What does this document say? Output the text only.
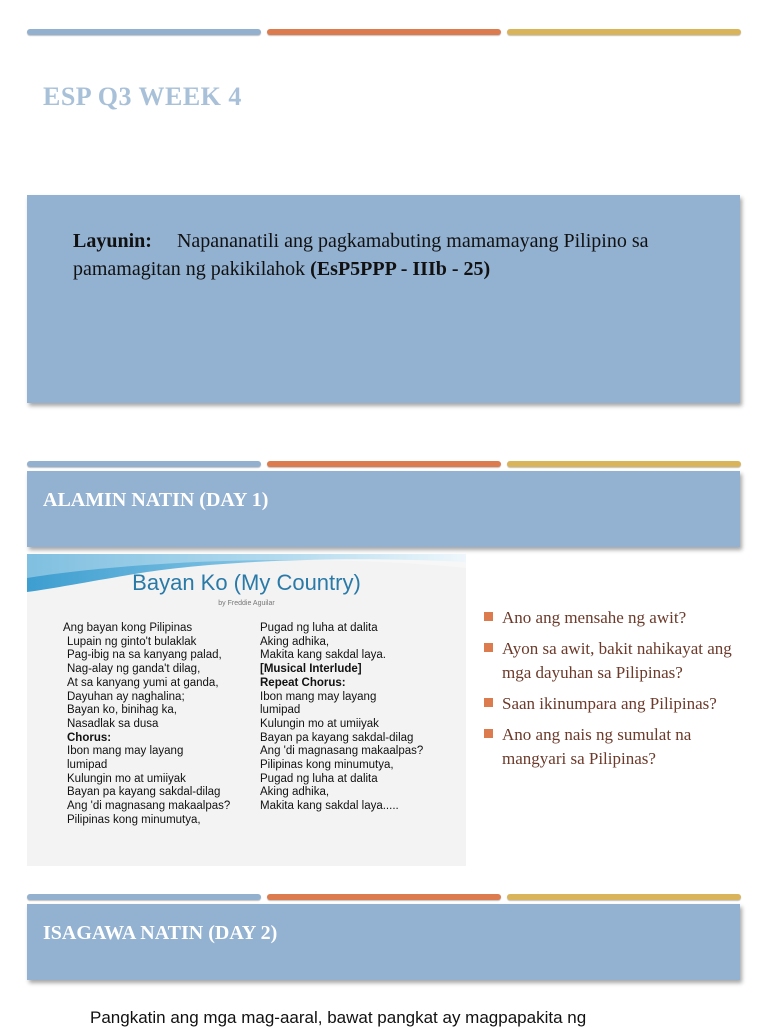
ESP Q3 WEEK 4

Layunin: Napananatili ang pagkamabuting mamamayang Pilipino sa pamamagitan ng pakikilahok (EsP5PPP - IIIb - 25)

ALAMIN NATIN (DAY 1)
Bayan Ko (My Country)
by Freddie Aguilar
Ang bayan kong Pilipinas
Lupain ng ginto't bulaklak
Pag-ibig na sa kanyang palad,
Nag-alay ng ganda't dilag,
At sa kanyang yumi at ganda,
Dayuhan ay naghalina;
Bayan ko, binihag ka,
Nasadlak sa dusa
Chorus:
Ibon mang may layang
lumipad
Kulungin mo at umiiyak
Bayan pa kayang sakdal-dilag
Ang 'di magnasang makaalpas?
Pilipinas kong minumutya,
Pugad ng luha at dalita
Aking adhika,
Makita kang sakdal laya.
[Musical Interlude]
Repeat Chorus:
Ibon mang may layang
lumipad
Kulungin mo at umiiyak
Bayan pa kayang sakdal-dilag
Ang 'di magnasang makaalpas?
Pilipinas kong minumutya,
Pugad ng luha at dalita
Aking adhika,
Makita kang sakdal laya.....
Ano ang mensahe ng awit?
Ayon sa awit, bakit nahikayat ang mga dayuhan sa Pilipinas?
Saan ikinumpara ang Pilipinas?
Ano ang nais ng sumulat na mangyari sa Pilipinas?
ISAGAWA NATIN (DAY 2)
Pangkatin ang mga mag-aaral, bawat pangkat ay magpapakita ng
